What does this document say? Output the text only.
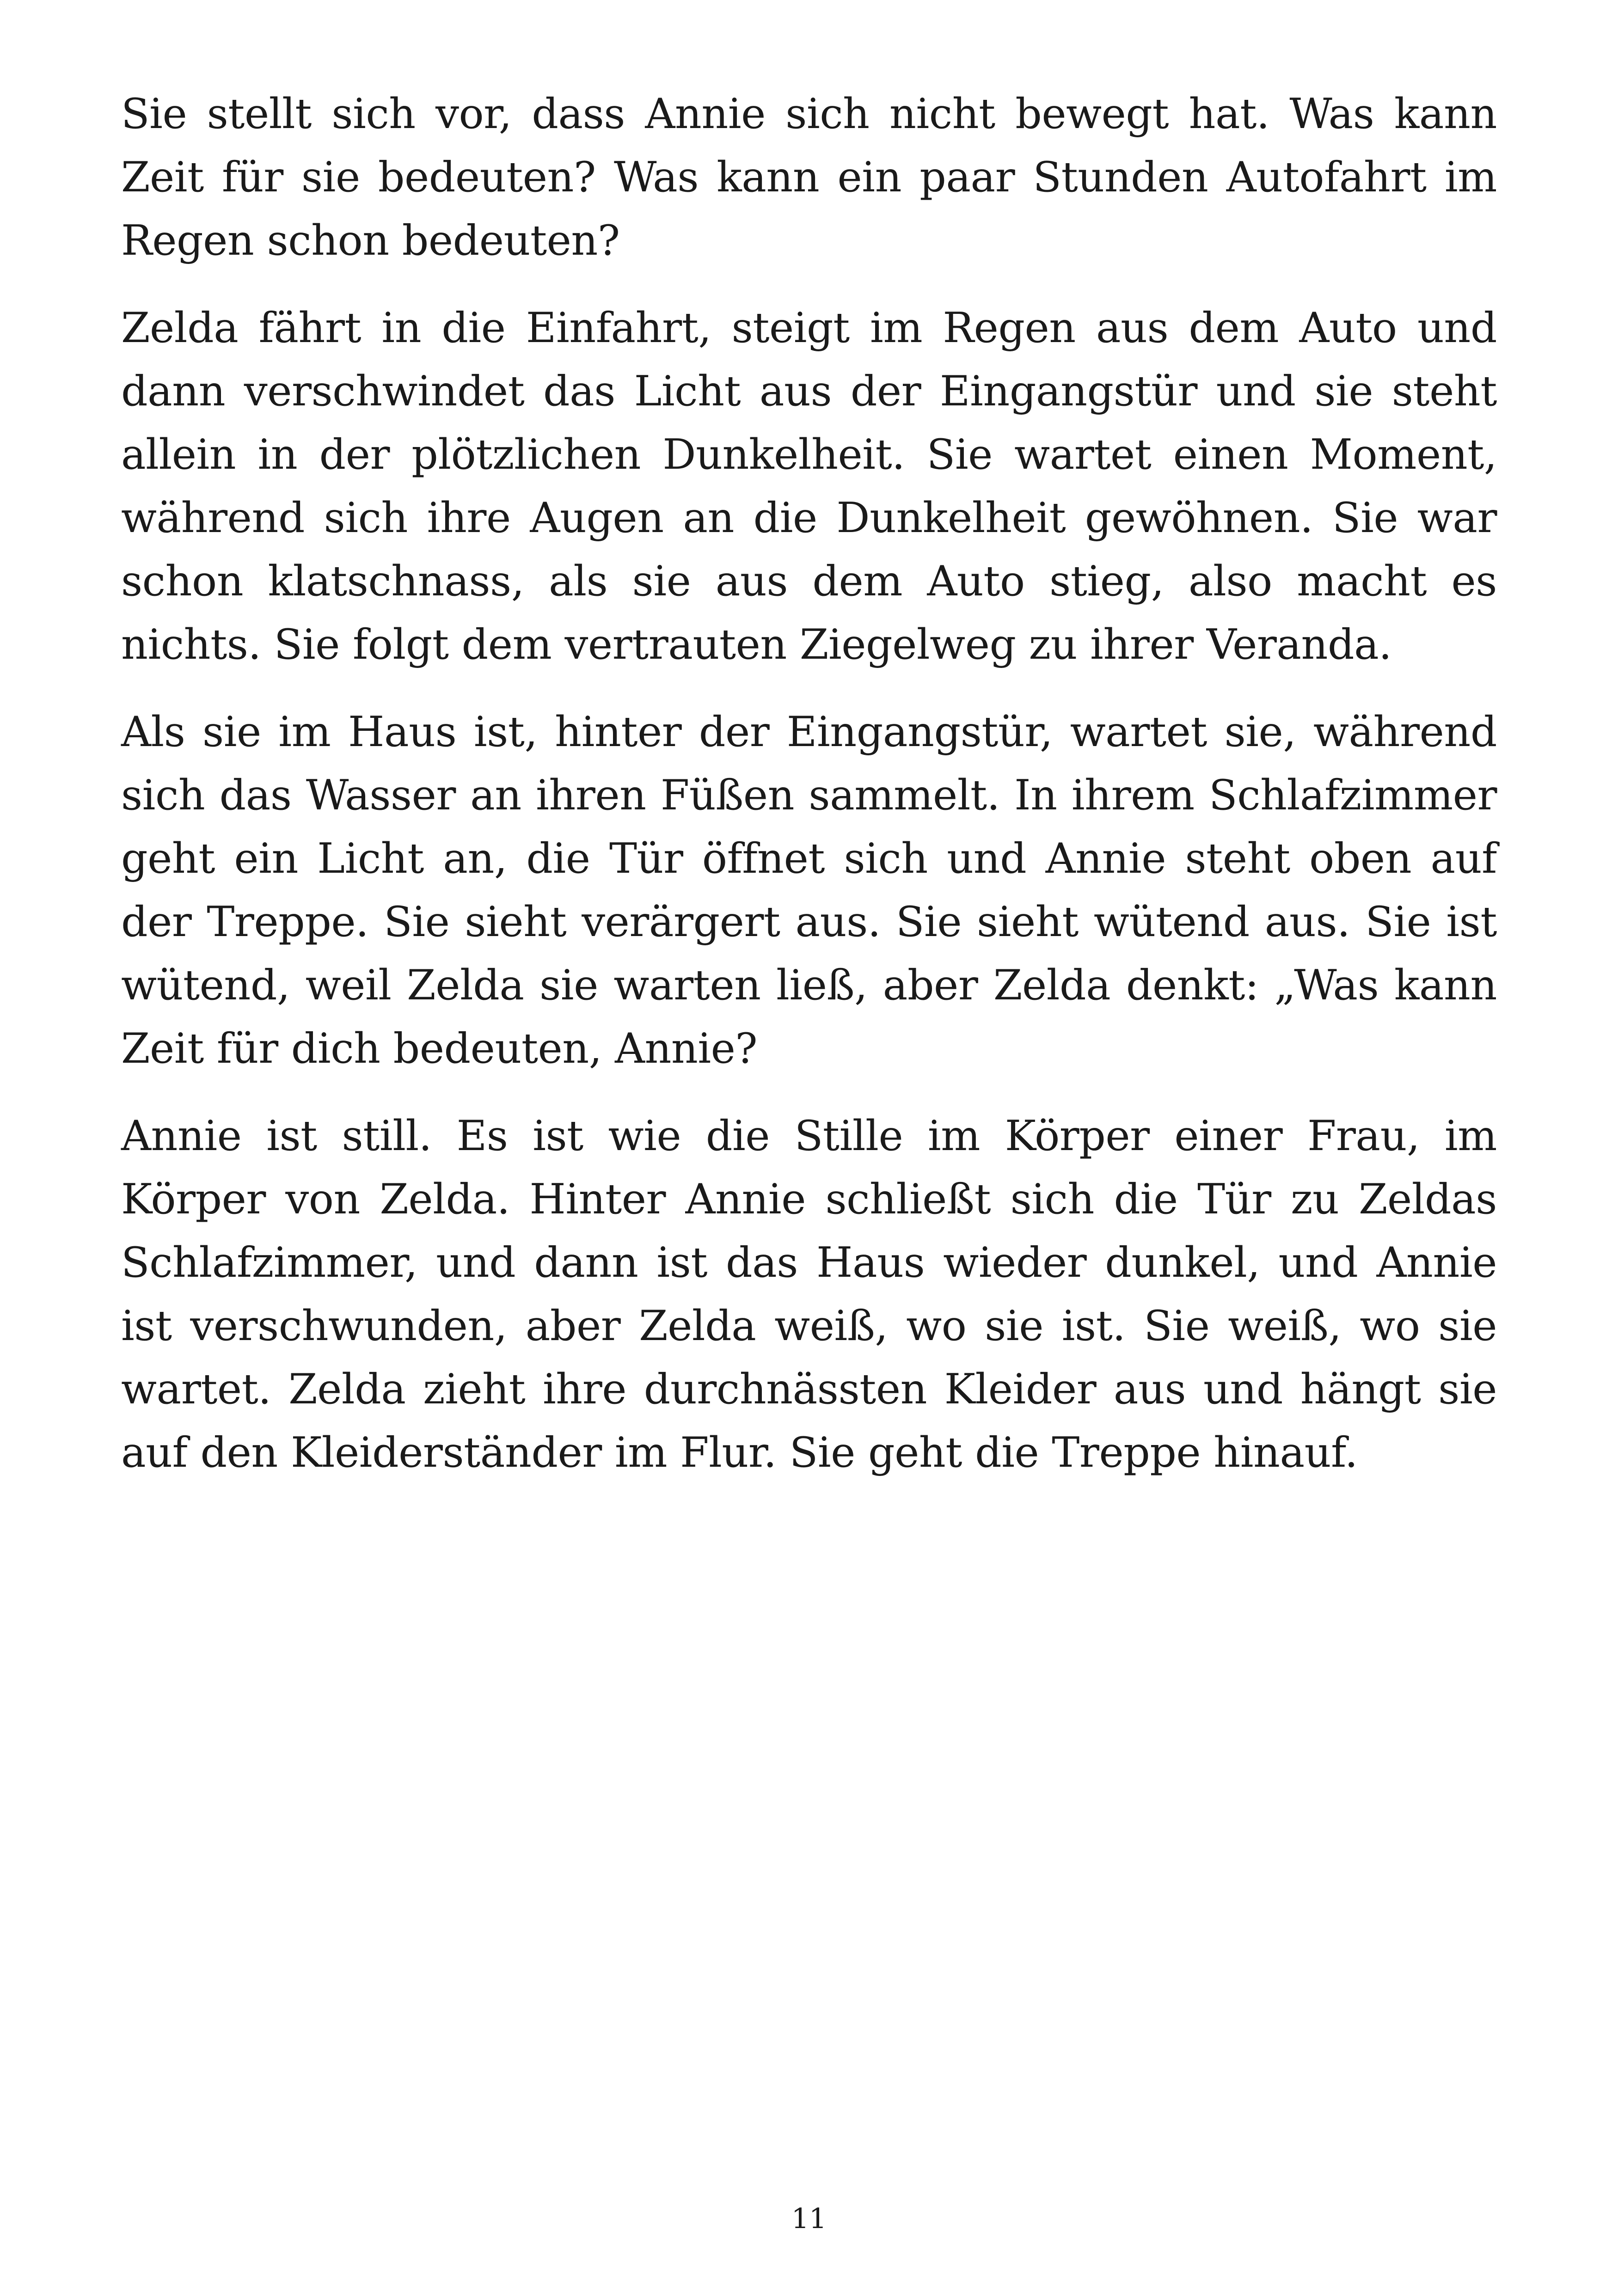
Sie stellt sich vor, dass Annie sich nicht bewegt hat. Was kann Zeit für sie bedeuten? Was kann ein paar Stunden Autofahrt im Regen schon bedeuten?

Zelda fährt in die Einfahrt, steigt im Regen aus dem Auto und dann verschwindet das Licht aus der Eingangstür und sie steht allein in der plötzlichen Dunkelheit. Sie wartet einen Moment, während sich ihre Augen an die Dunkelheit gewöhnen. Sie war schon klatschnass, als sie aus dem Auto stieg, also macht es nichts. Sie folgt dem vertrauten Ziegelweg zu ihrer Veranda.

Als sie im Haus ist, hinter der Eingangstür, wartet sie, während sich das Wasser an ihren Füßen sammelt. In ihrem Schlafzimmer geht ein Licht an, die Tür öffnet sich und Annie steht oben auf der Treppe. Sie sieht verärgert aus. Sie sieht wütend aus. Sie ist wütend, weil Zelda sie warten ließ, aber Zelda denkt: „Was kann Zeit für dich bedeuten, Annie?

Annie ist still. Es ist wie die Stille im Körper einer Frau, im Körper von Zelda. Hinter Annie schließt sich die Tür zu Zeldas Schlafzimmer, und dann ist das Haus wieder dunkel, und Annie ist verschwunden, aber Zelda weiß, wo sie ist. Sie weiß, wo sie wartet. Zelda zieht ihre durchnässten Kleider aus und hängt sie auf den Kleiderständer im Flur. Sie geht die Treppe hinauf.

11
